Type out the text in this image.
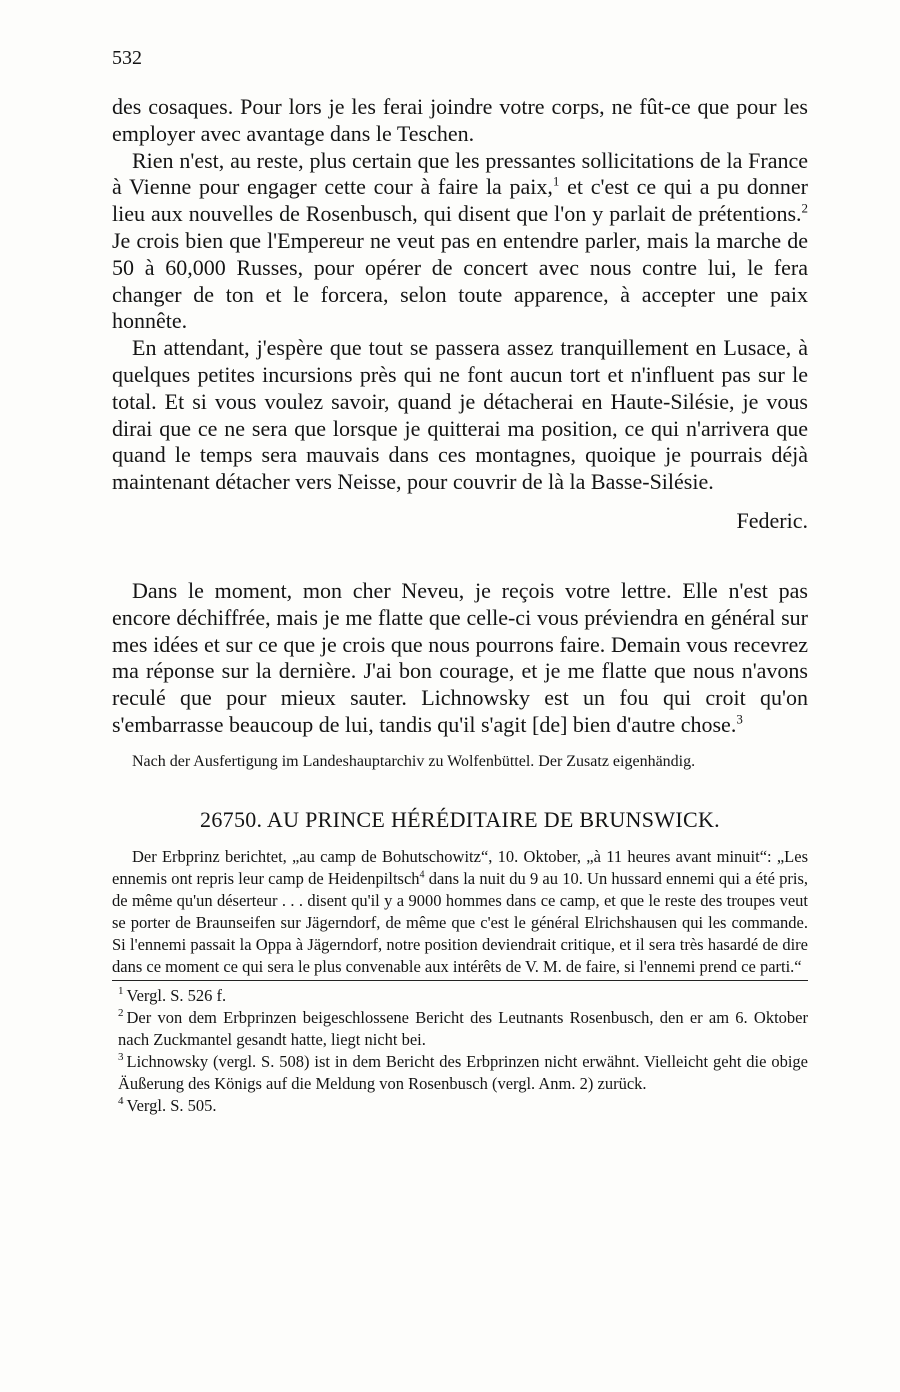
532

des cosaques. Pour lors je les ferai joindre votre corps, ne fût-ce que pour les employer avec avantage dans le Teschen.

Rien n'est, au reste, plus certain que les pressantes sollicitations de la France à Vienne pour engager cette cour à faire la paix,$^1$ et c'est ce qui a pu donner lieu aux nouvelles de Rosenbusch, qui disent que l'on y parlait de prétentions.$^2$ Je crois bien que l'Empereur ne veut pas en entendre parler, mais la marche de 50 à 60,000 Russes, pour opérer de concert avec nous contre lui, le fera changer de ton et le forcera, selon toute apparence, à accepter une paix honnête.

En attendant, j'espère que tout se passera assez tranquillement en Lusace, à quelques petites incursions près qui ne font aucun tort et n'influent pas sur le total. Et si vous voulez savoir, quand je détacherai en Haute-Silésie, je vous dirai que ce ne sera que lorsque je quitterai ma position, ce qui n'arrivera que quand le temps sera mauvais dans ces montagnes, quoique je pourrais déjà maintenant détacher vers Neisse, pour couvrir de là la Basse-Silésie.

Federic.

Dans le moment, mon cher Neveu, je reçois votre lettre. Elle n'est pas encore déchiffrée, mais je me flatte que celle-ci vous préviendra en général sur mes idées et sur ce que je crois que nous pourrons faire. Demain vous recevrez ma réponse sur la dernière. J'ai bon courage, et je me flatte que nous n'avons reculé que pour mieux sauter. Lichnowsky est un fou qui croit qu'on s'embarrasse beaucoup de lui, tandis qu'il s'agit [de] bien d'autre chose.$^3$

Nach der Ausfertigung im Landeshauptarchiv zu Wolfenbüttel. Der Zusatz eigenhändig.

26750. AU PRINCE HÉRÉDITAIRE DE BRUNSWICK.

Der Erbprinz berichtet, „au camp de Bohutschowitz“, 10. Oktober, „à 11 heures avant minuit“: „Les ennemis ont repris leur camp de Heidenpiltsch$^4$ dans la nuit du 9 au 10. Un hussard ennemi qui a été pris, de même qu'un déserteur . . . disent qu'il y a 9000 hommes dans ce camp, et que le reste des troupes veut se porter de Braunseifen sur Jägerndorf, de même que c'est le général Elrichshausen qui les commande. Si l'ennemi passait la Oppa à Jägerndorf, notre position deviendrait critique, et il sera très hasardé de dire dans ce moment ce qui sera le plus convenable aux intérêts de V. M. de faire, si l'ennemi prend ce parti.“

$^1$ Vergl. S. 526 f.
$^2$ Der von dem Erbprinzen beigeschlossene Bericht des Leutnants Rosenbusch, den er am 6. Oktober nach Zuckmantel gesandt hatte, liegt nicht bei.
$^3$ Lichnowsky (vergl. S. 508) ist in dem Bericht des Erbprinzen nicht erwähnt. Vielleicht geht die obige Äußerung des Königs auf die Meldung von Rosenbusch (vergl. Anm. 2) zurück.
$^4$ Vergl. S. 505.
